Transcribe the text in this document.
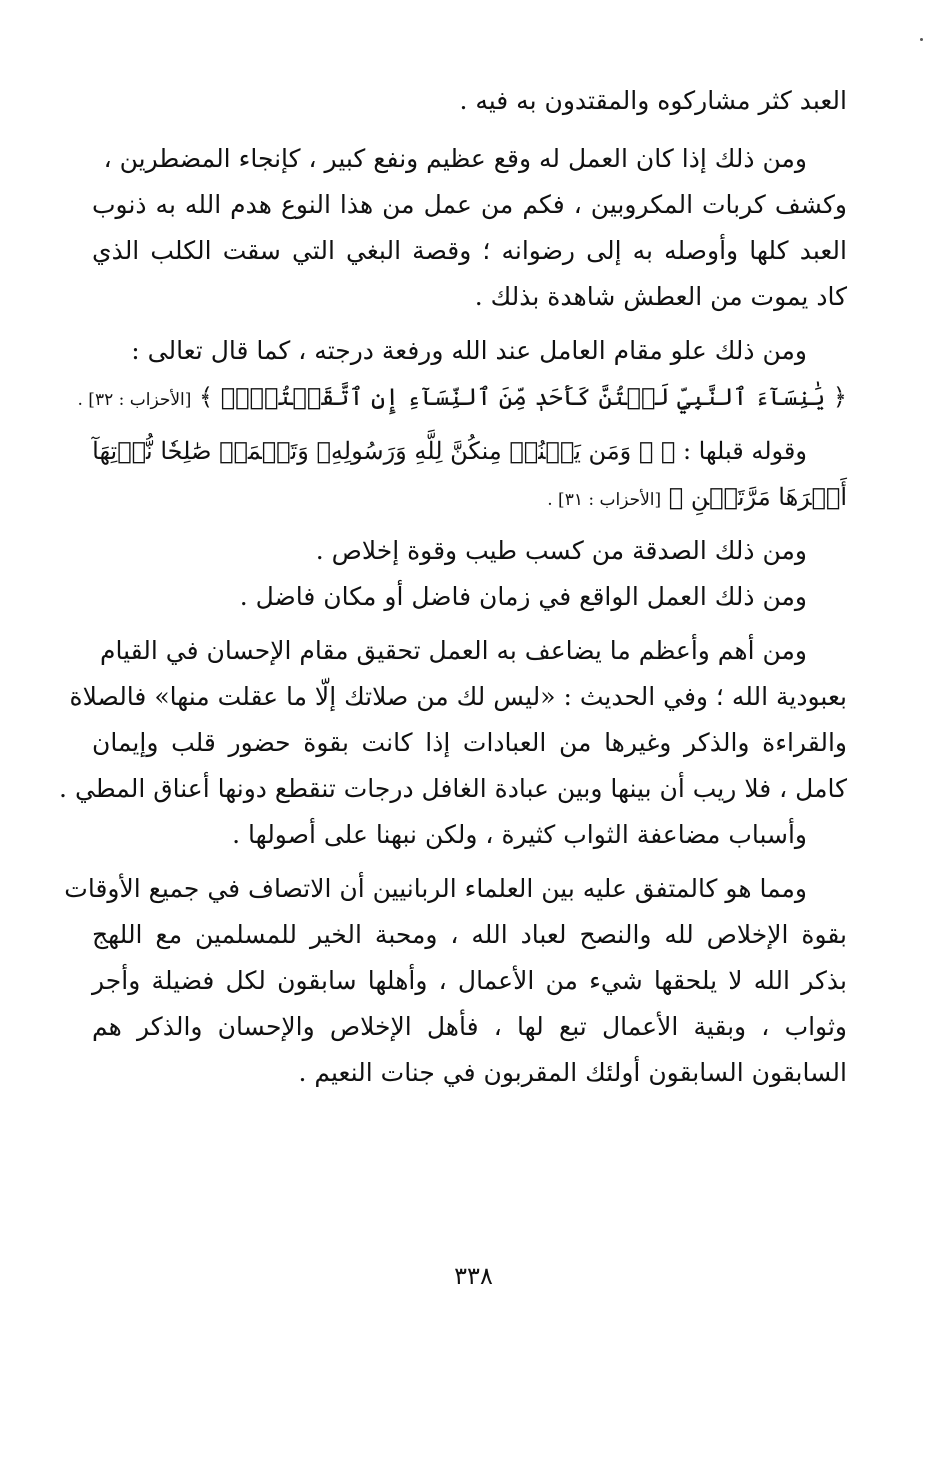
العبد كثر مشاركوه والمقتدون به فيه .
ومن ذلك إذا كان العمل له وقع عظيم ونفع كبير ، كإنجاء المضطرين ،
وكشف كربات المكروبين ، فكم من عمل من هذا النوع هدم الله به ذنوب
العبد كلها وأوصله به إلى رضوانه ؛ وقصة البغي التي سقت الكلب الذي
كاد يموت من العطش شاهدة بذلك .
ومن ذلك علو مقام العامل عند الله ورفعة درجته ، كما قال تعالى :
﴿ يَٰنِسَآءَ ٱلنَّبِيِّ لَسۡتُنَّ كَأَحَدٖ مِّنَ ٱلنِّسَآءِ إِنِ ٱتَّقَيۡتُنَّۚ ﴾ [الأحزاب : ٣٢] .
وقوله قبلها : ﴿ ۞ وَمَن يَقۡنُتۡ مِنكُنَّ لِلَّهِ وَرَسُولِهِۦ وَتَعۡمَلۡ صَٰلِحٗا نُّؤۡتِهَآ
أَجۡرَهَا مَرَّتَيۡنِ ﴾ [الأحزاب : ٣١] .
ومن ذلك الصدقة من كسب طيب وقوة إخلاص .
ومن ذلك العمل الواقع في زمان فاضل أو مكان فاضل .
ومن أهم وأعظم ما يضاعف به العمل تحقيق مقام الإحسان في القيام
بعبودية الله ؛ وفي الحديث : «ليس لك من صلاتك إلّا ما عقلت منها» فالصلاة
والقراءة والذكر وغيرها من العبادات إذا كانت بقوة حضور قلب وإيمان
كامل ، فلا ريب أن بينها وبين عبادة الغافل درجات تنقطع دونها أعناق المطي .
وأسباب مضاعفة الثواب كثيرة ، ولكن نبهنا على أصولها .
ومما هو كالمتفق عليه بين العلماء الربانيين أن الاتصاف في جميع الأوقات
بقوة الإخلاص لله والنصح لعباد الله ، ومحبة الخير للمسلمين مع اللهج
بذكر الله لا يلحقها شيء من الأعمال ، وأهلها سابقون لكل فضيلة وأجر
وثواب ، وبقية الأعمال تبع لها ، فأهل الإخلاص والإحسان والذكر هم
السابقون السابقون أولئك المقربون في جنات النعيم .
٣٣٨
